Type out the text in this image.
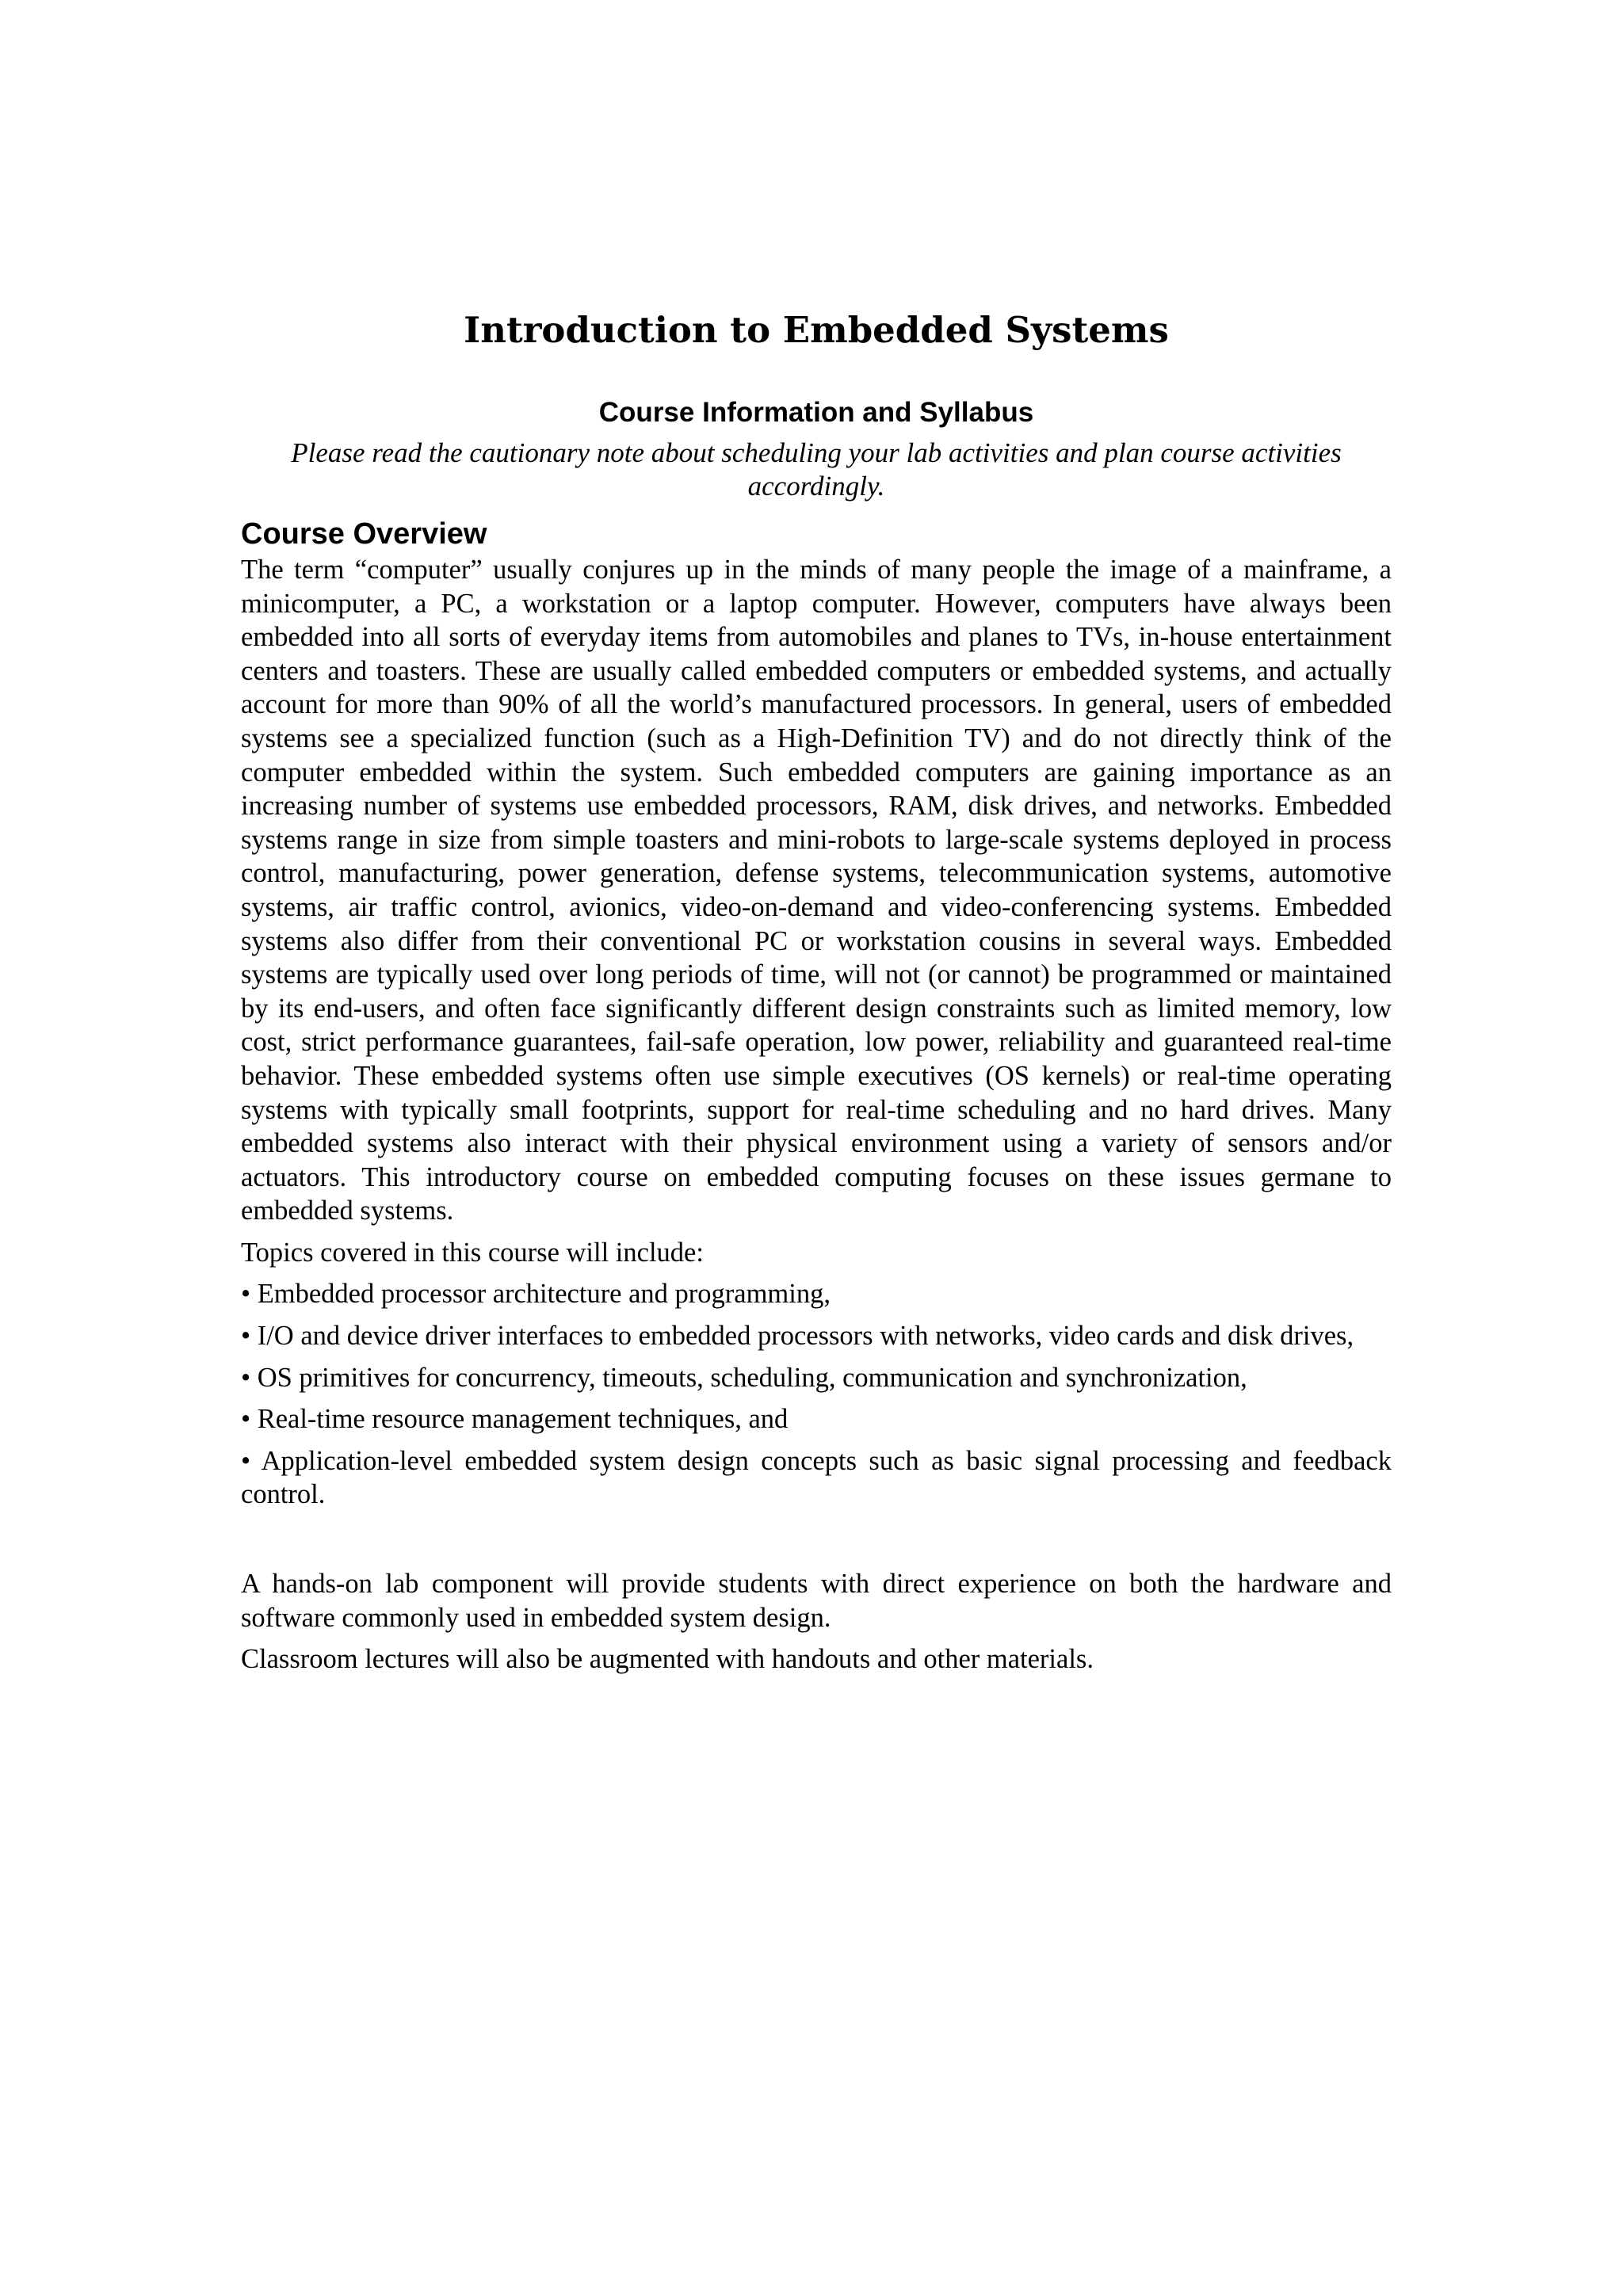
Introduction to Embedded Systems
Course Information and Syllabus
Please read the cautionary note about scheduling your lab activities and plan course activities accordingly.
Course Overview

The term “computer” usually conjures up in the minds of many people the image of a mainframe, a minicomputer, a PC, a workstation or a laptop computer. However, computers have always been embedded into all sorts of everyday items from automobiles and planes to TVs, in-house entertainment centers and toasters. These are usually called embedded computers or embedded systems, and actually account for more than 90% of all the world’s manufactured processors. In general, users of embedded systems see a specialized function (such as a High-Definition TV) and do not directly think of the computer embedded within the system. Such embedded computers are gaining importance as an increasing number of systems use embedded processors, RAM, disk drives, and networks. Embedded systems range in size from simple toasters and mini-robots to large-scale systems deployed in process control, manufacturing, power generation, defense systems, telecommunication systems, automotive systems, air traffic control, avionics, video-on-demand and video-conferencing systems. Embedded systems also differ from their conventional PC or workstation cousins in several ways. Embedded systems are typically used over long periods of time, will not (or cannot) be programmed or maintained by its end-users, and often face significantly different design constraints such as limited memory, low cost, strict performance guarantees, fail-safe operation, low power, reliability and guaranteed real-time behavior. These embedded systems often use simple executives (OS kernels) or real-time operating systems with typically small footprints, support for real-time scheduling and no hard drives. Many embedded systems also interact with their physical environment using a variety of sensors and/or actuators. This introductory course on embedded computing focuses on these issues germane to embedded systems.

Topics covered in this course will include:

• Embedded processor architecture and programming,

• I/O and device driver interfaces to embedded processors with networks, video cards and disk drives,

• OS primitives for concurrency, timeouts, scheduling, communication and synchronization,

• Real-time resource management techniques, and

• Application-level embedded system design concepts such as basic signal processing and feedback control.

A hands-on lab component will provide students with direct experience on both the hardware and software commonly used in embedded system design.

Classroom lectures will also be augmented with handouts and other materials.
